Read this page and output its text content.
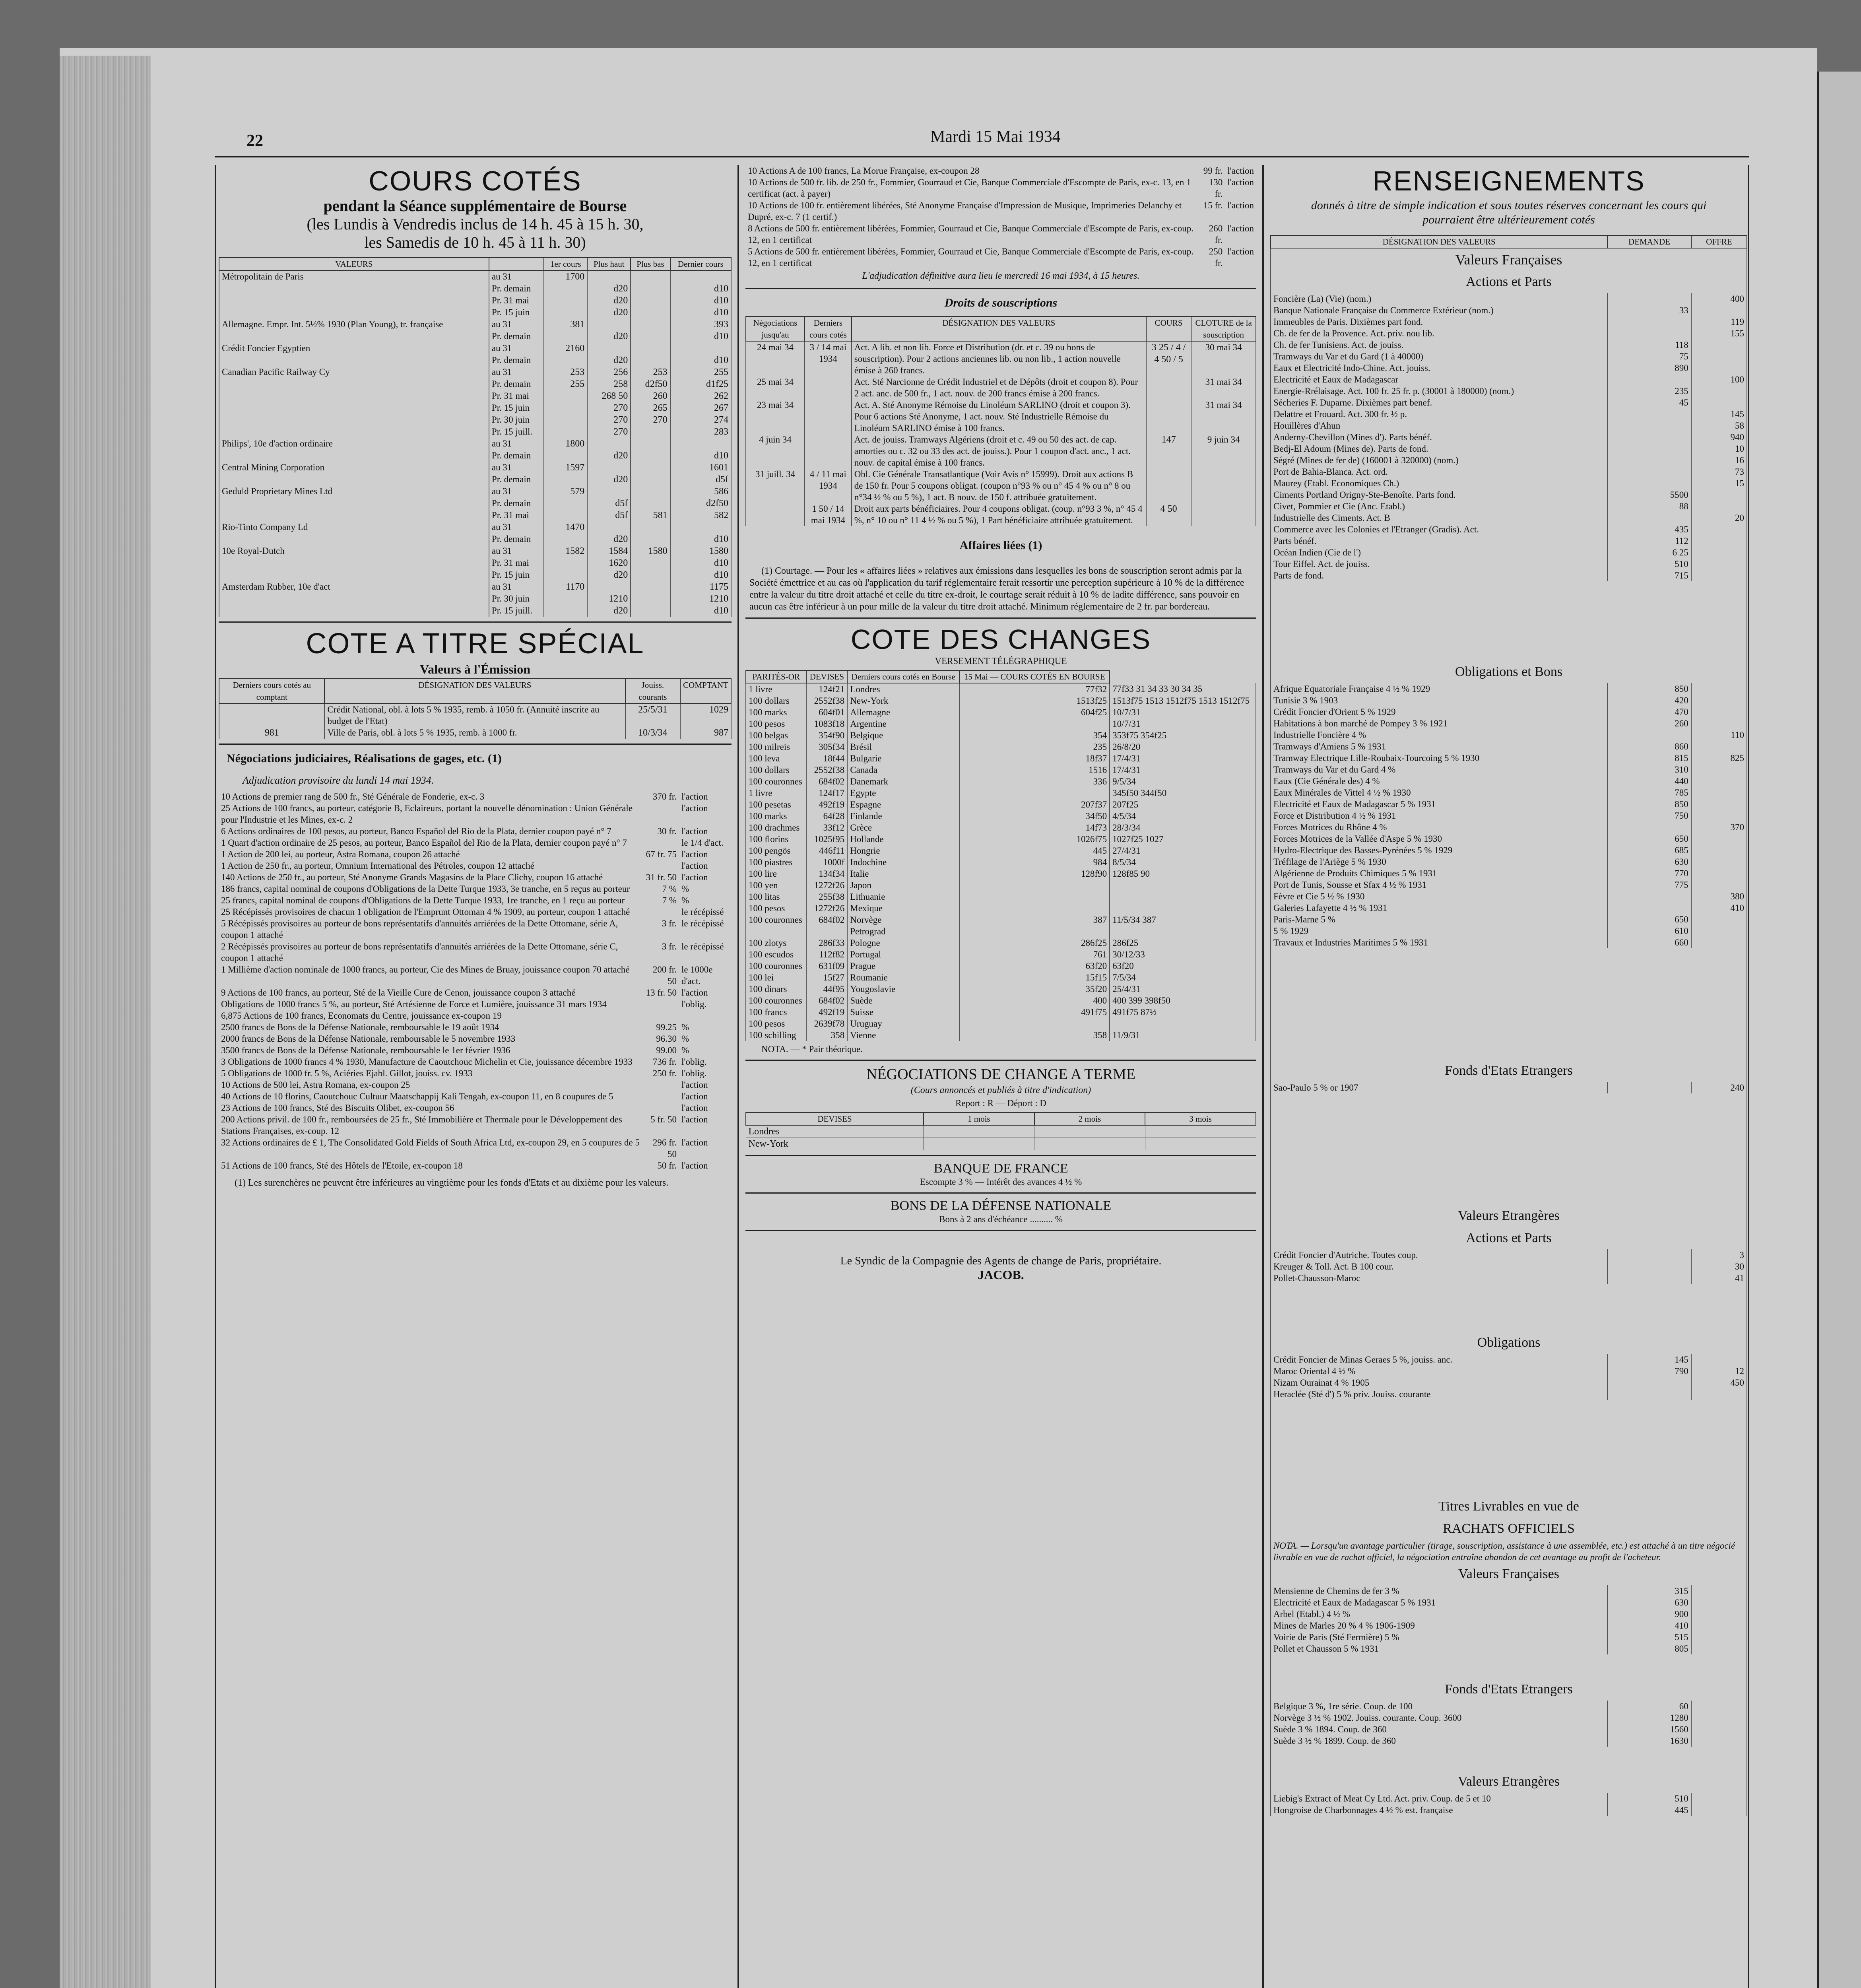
22	Mardi 15 Mai 1934
COURS COTÉS
pendant la Séance supplémentaire de Bourse
(les Lundis à Vendredis inclus de 14 h. 45 à 15 h. 30,
les Samedis de 10 h. 45 à 11 h. 30)
VALEURS		1er cours	Plus haut	Plus bas	Dernier cours
Métropolitain de Paris	au 31	1700			
	Pr. demain		d20		d10
	Pr. 31 mai		d20		d10
	Pr. 15 juin		d20		d10
Allemagne. Empr. Int. 5½% 1930 (Plan Young), tr. française	au 31	381			393
	Pr. demain		d20		d10
Crédit Foncier Egyptien	au 31	2160			
	Pr. demain		d20		d10
Canadian Pacific Railway Cy	au 31	253	256	253	255
	Pr. demain	255	258	d2f50	d1f25
	Pr. 31 mai		268 50	260	262
	Pr. 15 juin		270	265	267
	Pr. 30 juin		270	270	274
	Pr. 15 juill.		270		283
Philips', 10e d'action ordinaire	au 31	1800			
	Pr. demain		d20		d10
Central Mining Corporation	au 31	1597			1601
	Pr. demain		d20		d5f
Geduld Proprietary Mines Ltd	au 31	579			586
	Pr. demain		d5f		d2f50
	Pr. 31 mai		d5f	581	582
Rio-Tinto Company Ld	au 31	1470			
	Pr. demain		d20		d10
10e Royal-Dutch	au 31	1582	1584	1580	1580
	Pr. 31 mai		1620		d10
	Pr. 15 juin		d20		d10
Amsterdam Rubber, 10e d'act	au 31	1170			1175
	Pr. 30 juin		1210		1210
	Pr. 15 juill.		d20		d10
COTE A TITRE SPÉCIAL
Valeurs à l'Émission
Derniers cours cotés au comptant	DÉSIGNATION DES VALEURS	Jouiss. courants	COMPTANT
	Crédit National, obl. à lots 5 % 1935, remb. à 1050 fr. (Annuité inscrite au budget de l'Etat)	25/5/31	1029
981	Ville de Paris, obl. à lots 5 % 1935, remb. à 1000 fr.	10/3/34	987
Négociations judiciaires, Réalisations de gages, etc. (1)
Adjudication provisoire du lundi 14 mai 1934.
10 Actions de premier rang de 500 fr., Sté Générale de Fonderie, ex-c. 3	370 fr.	l'action
25 Actions de 100 francs, au porteur, catégorie B, Eclaireurs, portant la nouvelle dénomination : Union Générale pour l'Industrie et les Mines, ex-c. 2		l'action
6 Actions ordinaires de 100 pesos, au porteur, Banco Español del Rio de la Plata, dernier coupon payé n° 7	30 fr.	l'action
1 Quart d'action ordinaire de 25 pesos, au porteur, Banco Español del Rio de la Plata, dernier coupon payé n° 7		le 1/4 d'act.
1 Action de 200 lei, au porteur, Astra Romana, coupon 26 attaché	67 fr. 75	l'action
1 Action de 250 fr., au porteur, Omnium International des Pétroles, coupon 12 attaché		l'action
140 Actions de 250 fr., au porteur, Sté Anonyme Grands Magasins de la Place Clichy, coupon 16 attaché	31 fr. 50	l'action
186 francs, capital nominal de coupons d'Obligations de la Dette Turque 1933, 3e tranche, en 5 reçus au porteur	7 %	%
25 francs, capital nominal de coupons d'Obligations de la Dette Turque 1933, 1re tranche, en 1 reçu au porteur	7 %	%
25 Récépissés provisoires de chacun 1 obligation de l'Emprunt Ottoman 4 % 1909, au porteur, coupon 1 attaché		le récépissé
5 Récépissés provisoires au porteur de bons représentatifs d'annuités arriérées de la Dette Ottomane, série A, coupon 1 attaché	3 fr.	le récépissé
2 Récépissés provisoires au porteur de bons représentatifs d'annuités arriérées de la Dette Ottomane, série C, coupon 1 attaché	3 fr.	le récépissé
1 Millième d'action nominale de 1000 francs, au porteur, Cie des Mines de Bruay, jouissance coupon 70 attaché	200 fr. 50	le 1000e d'act.
9 Actions de 100 francs, au porteur, Sté de la Vieille Cure de Cenon, jouissance coupon 3 attaché	13 fr. 50	l'action
Obligations de 1000 francs 5 %, au porteur, Sté Artésienne de Force et Lumière, jouissance 31 mars 1934		l'oblig.
6,875 Actions de 100 francs, Economats du Centre, jouissance ex-coupon 19		
2500 francs de Bons de la Défense Nationale, remboursable le 19 août 1934	99.25	%
2000 francs de Bons de la Défense Nationale, remboursable le 5 novembre 1933	96.30	%
3500 francs de Bons de la Défense Nationale, remboursable le 1er février 1936	99.00	%
3 Obligations de 1000 francs 4 % 1930, Manufacture de Caoutchouc Michelin et Cie, jouissance décembre 1933	736 fr.	l'oblig.
5 Obligations de 1000 fr. 5 %, Aciéries Ejabl. Gillot, jouiss. cv. 1933	250 fr.	l'oblig.
10 Actions de 500 lei, Astra Romana, ex-coupon 25		l'action
40 Actions de 10 florins, Caoutchouc Cultuur Maatschappij Kali Tengah, ex-coupon 11, en 8 coupures de 5		l'action
23 Actions de 100 francs, Sté des Biscuits Olibet, ex-coupon 56		l'action
200 Actions privil. de 100 fr., remboursées de 25 fr., Sté Immobilière et Thermale pour le Développement des Stations Françaises, ex-coup. 12	5 fr. 50	l'action
32 Actions ordinaires de £ 1, The Consolidated Gold Fields of South Africa Ltd, ex-coupon 29, en 5 coupures de 5	296 fr. 50	l'action
51 Actions de 100 francs, Sté des Hôtels de l'Etoile, ex-coupon 18	50 fr.	l'action
(1) Les surenchères ne peuvent être inférieures au vingtième pour les fonds d'Etats et au dixième pour les valeurs.
10 Actions A de 100 francs, La Morue Française, ex-coupon 28	99 fr.	l'action
10 Actions de 500 fr. lib. de 250 fr., Fommier, Gourraud et Cie, Banque Commerciale d'Escompte de Paris, ex-c. 13, en 1 certificat (act. à payer)	130 fr.	l'action
10 Actions de 100 fr. entièrement libérées, Sté Anonyme Française d'Impression de Musique, Imprimeries Delanchy et Dupré, ex-c. 7 (1 certif.)	15 fr.	l'action
8 Actions de 500 fr. entièrement libérées, Fommier, Gourraud et Cie, Banque Commerciale d'Escompte de Paris, ex-coup. 12, en 1 certificat	260 fr.	l'action
5 Actions de 500 fr. entièrement libérées, Fommier, Gourraud et Cie, Banque Commerciale d'Escompte de Paris, ex-coup. 12, en 1 certificat	250 fr.	l'action
L'adjudication définitive aura lieu le mercredi 16 mai 1934, à 15 heures.
Droits de souscriptions
Négociations jusqu'au	Derniers cours cotés	DÉSIGNATION DES VALEURS	COURS	CLOTURE de la souscription
24 mai 34	3 / 14 mai 1934	Act. A lib. et non lib. Force et Distribution (dr. et c. 39 ou bons de souscription). Pour 2 actions anciennes lib. ou non lib., 1 action nouvelle émise à 260 francs.	3 25 / 4 / 4 50 / 5	30 mai 34
25 mai 34		Act. Sté Narcionne de Crédit Industriel et de Dépôts (droit et coupon 8). Pour 2 act. anc. de 500 fr., 1 act. nouv. de 200 francs émise à 200 francs.		31 mai 34
23 mai 34		Act. A. Sté Anonyme Rémoise du Linoléum SARLINO (droit et coupon 3). Pour 6 actions Sté Anonyme, 1 act. nouv. Sté Industrielle Rémoise du Linoléum SARLINO émise à 100 francs.		31 mai 34
4 juin 34		Act. de jouiss. Tramways Algériens (droit et c. 49 ou 50 des act. de cap. amorties ou c. 32 ou 33 des act. de jouiss.). Pour 1 coupon d'act. anc., 1 act. nouv. de capital émise à 100 francs.	147	9 juin 34
31 juill. 34	4 / 11 mai 1934	Obl. Cie Générale Transatlantique (Voir Avis n° 15999). Droit aux actions B de 150 fr. Pour 5 coupons obligat. (coupon n°93 % ou n° 45 4 % ou n° 8 ou n°34 ½ % ou 5 %), 1 act. B nouv. de 150 f. attribuée gratuitement.		
	1 50 / 14 mai 1934	Droit aux parts bénéficiaires. Pour 4 coupons obligat. (coup. n°93 3 %, n° 45 4 %, n° 10 ou n° 11 4 ½ % ou 5 %), 1 Part bénéficiaire attribuée gratuitement.	4 50	
Affaires liées (1)
(1) Courtage. — Pour les « affaires liées » relatives aux émissions dans lesquelles les bons de souscription seront admis par la Société émettrice et au cas où l'application du tarif réglementaire ferait ressortir une perception supérieure à 10 % de la différence entre la valeur du titre droit attaché et celle du titre ex-droit, le courtage serait réduit à 10 % de ladite différence, sans pouvoir en aucun cas être inférieur à un pour mille de la valeur du titre droit attaché. Minimum réglementaire de 2 fr. par bordereau.
COTE DES CHANGES
VERSEMENT TÉLÉGRAPHIQUE
PARITÉS-OR	DEVISES	Derniers cours cotés en Bourse	15 Mai — COURS COTÉS EN BOURSE	
1 livre	124f21	Londres	77f32	77f33 31 34 33 30 34 35
100 dollars	2552f38	New-York	1513f25	1513f75 1513 1512f75 1513 1512f75
100 marks	604f01	Allemagne	604f25	10/7/31
100 pesos	1083f18	Argentine		10/7/31
100 belgas	354f90	Belgique	354	353f75 354f25
100 milreis	305f34	Brésil	235	26/8/20
100 leva	18f44	Bulgarie	18f37	17/4/31
100 dollars	2552f38	Canada	1516	17/4/31
100 couronnes	684f02	Danemark	336	9/5/34
1 livre	124f17	Egypte		345f50 344f50
100 pesetas	492f19	Espagne	207f37	207f25
100 marks	64f28	Finlande	34f50	4/5/34
100 drachmes	33f12	Grèce	14f73	28/3/34
100 florins	1025f95	Hollande	1026f75	1027f25 1027
100 pengös	446f11	Hongrie	445	27/4/31
100 piastres	1000f	Indochine	984	8/5/34
100 lire	134f34	Italie	128f90	128f85 90
100 yen	1272f26	Japon		
100 litas	255f38	Lithuanie		
100 pesos	1272f26	Mexique		
100 couronnes	684f02	Norvège	387	11/5/34 387
		Petrograd		
100 zlotys	286f33	Pologne	286f25	286f25
100 escudos	112f82	Portugal	761	30/12/33
100 couronnes	631f09	Prague	63f20	63f20
100 lei	15f27	Roumanie	15f15	7/5/34
100 dinars	44f95	Yougoslavie	35f20	25/4/31
100 couronnes	684f02	Suède	400	400 399 398f50
100 francs	492f19	Suisse	491f75	491f75 87½
100 pesos	2639f78	Uruguay		
100 schilling	358	Vienne	358	11/9/31
NOTA. — * Pair théorique.
NÉGOCIATIONS DE CHANGE A TERME
(Cours annoncés et publiés à titre d'indication)
Report : R — Déport : D
DEVISES	1 mois	2 mois	3 mois
Londres			
New-York			
BANQUE DE FRANCE
Escompte 3 % — Intérêt des avances 4 ½ %
BONS DE LA DÉFENSE NATIONALE
Bons à 2 ans d'échéance .......... %
Le Syndic de la Compagnie des Agents de change de Paris, propriétaire.
JACOB.
RENSEIGNEMENTS
donnés à titre de simple indication et sous toutes réserves concernant les cours qui pourraient être ultérieurement cotés
DÉSIGNATION DES VALEURS	DEMANDE	OFFRE
Valeurs Françaises		
Actions et Parts		
Foncière (La) (Vie) (nom.)		400
Banque Nationale Française du Commerce Extérieur (nom.)	33	
Immeubles de Paris. Dixièmes part fond.		119
Ch. de fer de la Provence. Act. priv. nou lib.		155
Ch. de fer Tunisiens. Act. de jouiss.	118	
Tramways du Var et du Gard (1 à 40000)	75	
Eaux et Electricité Indo-Chine. Act. jouiss.	890	
Electricité et Eaux de Madagascar		100
Energie-Rrélaisage. Act. 100 fr. 25 fr. p. (30001 à 180000) (nom.)	235	
Sécheries F. Duparne. Dixièmes part benef.	45	
Delattre et Frouard. Act. 300 fr. ½ p.		145
Houillères d'Ahun		58
Anderny-Chevillon (Mines d'). Parts bénéf.		940
Bedj-El Adoum (Mines de). Parts de fond.		10
Ségré (Mines de fer de) (160001 à 320000) (nom.)		16
Port de Bahia-Blanca. Act. ord.		73
Maurey (Etabl. Economiques Ch.)		15
Ciments Portland Origny-Ste-Benoîte. Parts fond.	5500	
Civet, Pommier et Cie (Anc. Etabl.)	88	
Industrielle des Ciments. Act. B		20
Commerce avec les Colonies et l'Etranger (Gradis). Act.	435	
Parts bénéf.	112	
Océan Indien (Cie de l')	6 25	
Tour Eiffel. Act. de jouiss.	510	
Parts de fond.	715	

Obligations et Bons		
Afrique Equatoriale Française 4 ½ % 1929	850	
Tunisie 3 % 1903	420	
Crédit Foncier d'Orient 5 % 1929	470	
Habitations à bon marché de Pompey 3 % 1921	260	
Industrielle Foncière 4 %		110
Tramways d'Amiens 5 % 1931	860	
Tramway Electrique Lille-Roubaix-Tourcoing 5 % 1930	815	825
Tramways du Var et du Gard 4 %	310	
Eaux (Cie Générale des) 4 %	440	
Eaux Minérales de Vittel 4 ½ % 1930	785	
Electricité et Eaux de Madagascar 5 % 1931	850	
Force et Distribution 4 ½ % 1931	750	
Forces Motrices du Rhône 4 %		370
Forces Motrices de la Vallée d'Aspe 5 % 1930	650	
Hydro-Electrique des Basses-Pyrénées 5 % 1929	685	
Tréfilage de l'Ariège 5 % 1930	630	
Algérienne de Produits Chimiques 5 % 1931	770	
Port de Tunis, Sousse et Sfax 4 ½ % 1931	775	
Fèvre et Cie 5 ½ % 1930		380
Galeries Lafayette 4 ½ % 1931		410
Paris-Marne 5 %	650	
5 % 1929	610	
Travaux et Industries Maritimes 5 % 1931	660	

Fonds d'Etats Etrangers		
Sao-Paulo 5 % or 1907		240

Valeurs Etrangères		
Actions et Parts		
Crédit Foncier d'Autriche. Toutes coup.		3
Kreuger & Toll. Act. B 100 cour.		30
Pollet-Chausson-Maroc		41

Obligations		
Crédit Foncier de Minas Geraes 5 %, jouiss. anc.	145	
Maroc Oriental 4 ½ %	790	12
Nizam Ourainat 4 % 1905		450
Heraclée (Sté d') 5 % priv. Jouiss. courante		

Titres Livrables en vue de		
RACHATS OFFICIELS		
NOTA. — Lorsqu'un avantage particulier (tirage, souscription, assistance à une assemblée, etc.) est attaché à un titre négocié livrable en vue de rachat officiel, la négociation entraîne abandon de cet avantage au profit de l'acheteur.		
Valeurs Françaises		
Mensienne de Chemins de fer 3 %	315	
Electricité et Eaux de Madagascar 5 % 1931	630	
Arbel (Etabl.) 4 ½ %	900	
Mines de Marles 20 % 4 % 1906-1909	410	
Voirie de Paris (Sté Fermière) 5 %	515	
Pollet et Chausson 5 % 1931	805	

Fonds d'Etats Etrangers		
Belgique 3 %, 1re série. Coup. de 100	60	
Norvège 3 ½ % 1902. Jouiss. courante. Coup. 3600	1280	
Suède 3 % 1894. Coup. de 360	1560	
Suède 3 ½ % 1899. Coup. de 360	1630	

Valeurs Etrangères		
Liebig's Extract of Meat Cy Ltd. Act. priv. Coup. de 5 et 10	510	
Hongroise de Charbonnages 4 ½ % est. française	445	
